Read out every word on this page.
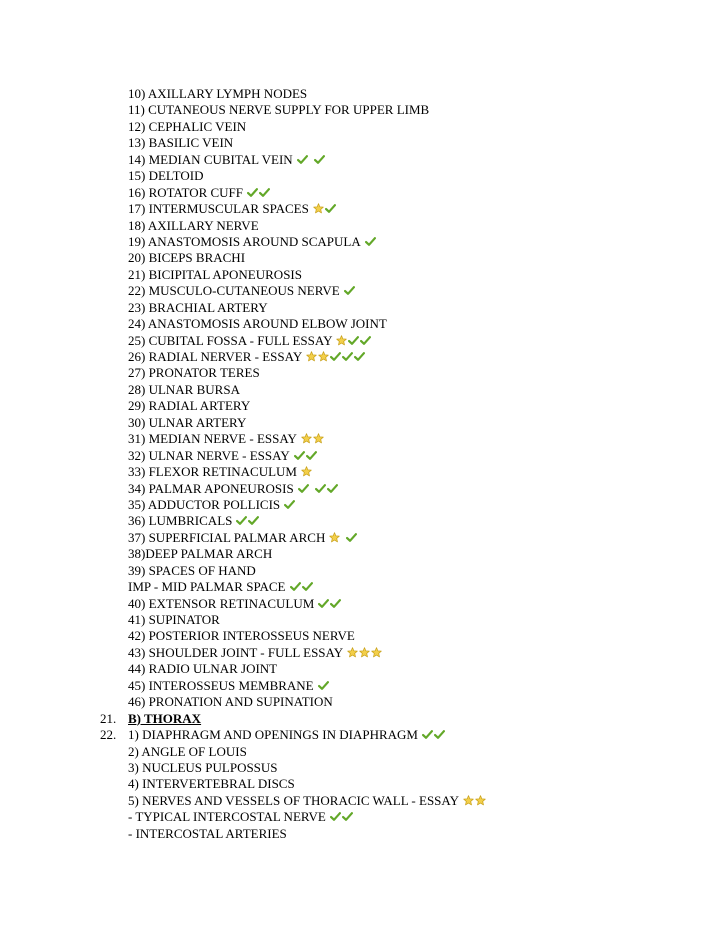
10) AXILLARY LYMPH NODES
11) CUTANEOUS NERVE SUPPLY FOR UPPER LIMB
12) CEPHALIC VEIN
13) BASILIC VEIN
14) MEDIAN CUBITAL VEIN
15) DELTOID
16) ROTATOR CUFF
17) INTERMUSCULAR SPACES
18) AXILLARY NERVE
19) ANASTOMOSIS AROUND SCAPULA
20) BICEPS BRACHI
21) BICIPITAL APONEUROSIS
22) MUSCULO-CUTANEOUS NERVE
23) BRACHIAL ARTERY
24) ANASTOMOSIS AROUND ELBOW JOINT
25) CUBITAL FOSSA - FULL ESSAY
26) RADIAL NERVER - ESSAY
27) PRONATOR TERES
28) ULNAR BURSA
29) RADIAL ARTERY
30) ULNAR ARTERY
31) MEDIAN NERVE - ESSAY
32) ULNAR NERVE - ESSAY
33) FLEXOR RETINACULUM
34) PALMAR APONEUROSIS
35) ADDUCTOR POLLICIS
36) LUMBRICALS
37) SUPERFICIAL PALMAR ARCH
38)DEEP PALMAR ARCH
39) SPACES OF HAND
IMP - MID PALMAR SPACE
40) EXTENSOR RETINACULUM
41) SUPINATOR
42) POSTERIOR INTEROSSEUS NERVE
43) SHOULDER JOINT - FULL ESSAY
44) RADIO ULNAR JOINT
45) INTEROSSEUS MEMBRANE
46) PRONATION AND SUPINATION
21. B) THORAX
22. 1) DIAPHRAGM AND OPENINGS IN DIAPHRAGM
2) ANGLE OF LOUIS
3) NUCLEUS PULPOSSUS
4) INTERVERTEBRAL DISCS
5) NERVES AND VESSELS OF THORACIC WALL - ESSAY
- TYPICAL INTERCOSTAL NERVE
- INTERCOSTAL ARTERIES
